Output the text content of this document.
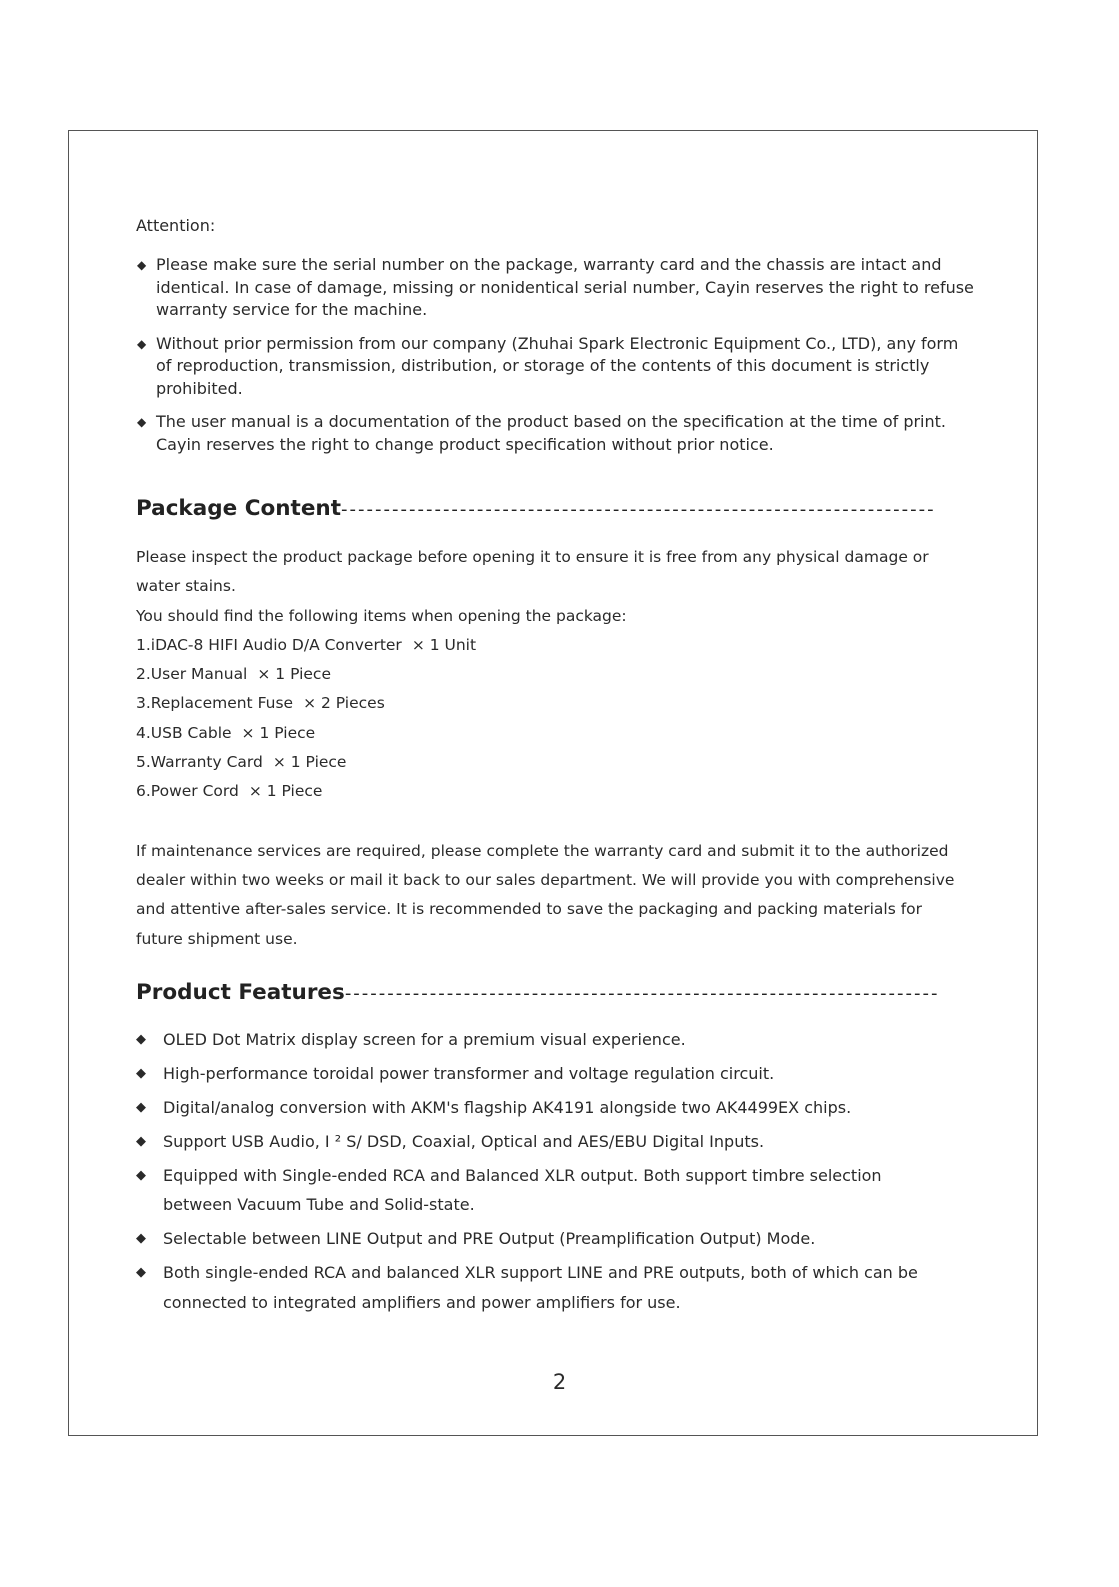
Attention:
◆ Please make sure the serial number on the package, warranty card and the chassis are intact and identical. In case of damage, missing or nonidentical serial number, Cayin reserves the right to refuse warranty service for the machine.
◆ Without prior permission from our company (Zhuhai Spark Electronic Equipment Co., LTD), any form of reproduction, transmission, distribution, or storage of the contents of this document is strictly prohibited.
◆ The user manual is a documentation of the product based on the specification at the time of print. Cayin reserves the right to change product specification without prior notice.
Package Content ----------------------------------------------------------------------
Please inspect the product package before opening it to ensure it is free from any physical damage or water stains.
You should find the following items when opening the package:
1.iDAC-8 HIFI Audio D/A Converter × 1 Unit
2.User Manual × 1 Piece
3.Replacement Fuse × 2 Pieces
4.USB Cable × 1 Piece
5.Warranty Card × 1 Piece
6.Power Cord × 1 Piece
If maintenance services are required, please complete the warranty card and submit it to the authorized dealer within two weeks or mail it back to our sales department. We will provide you with comprehensive and attentive after-sales service. It is recommended to save the packaging and packing materials for future shipment use.
Product Features ----------------------------------------------------------------------
◆ OLED Dot Matrix display screen for a premium visual experience.
◆ High-performance toroidal power transformer and voltage regulation circuit.
◆ Digital/analog conversion with AKM's flagship AK4191 alongside two AK4499EX chips.
◆ Support USB Audio, I ² S/ DSD, Coaxial, Optical and AES/EBU Digital Inputs.
◆ Equipped with Single-ended RCA and Balanced XLR output. Both support timbre selection between Vacuum Tube and Solid-state.
◆ Selectable between LINE Output and PRE Output (Preamplification Output) Mode.
◆ Both single-ended RCA and balanced XLR support LINE and PRE outputs, both of which can be connected to integrated amplifiers and power amplifiers for use.
2
